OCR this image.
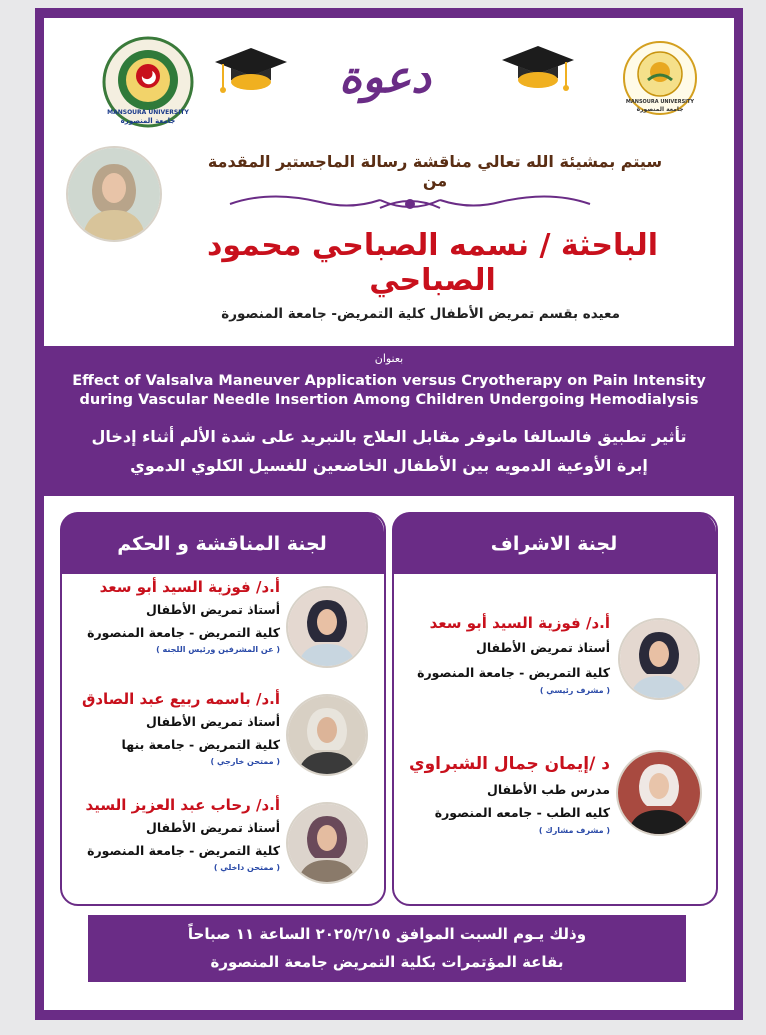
MANSOURA UNIVERSITY
جامعة المنصورة
MANSOURA UNIVERSITY
جامعة المنصورة
دعوة
سيتم بمشيئة الله تعالي مناقشة رسالة الماجستير المقدمة من
الباحثة / نسمه الصباحي محمود الصباحي
معيده بقسم تمريض الأطفال كلية التمريض- جامعة المنصورة
بعنوان
Effect of Valsalva Maneuver Application versus Cryotherapy on Pain Intensity
during Vascular Needle Insertion Among Children Undergoing Hemodialysis
تأثير تطبيق فالسالفا مانوفر مقابل العلاج بالتبريد على شدة الألم أثناء إدخال
إبرة الأوعية الدمويه بين الأطفال الخاضعين للغسيل الكلوي الدموي
لجنة المناقشة و الحكم	لجنة الاشراف
أ.د/ فوزية السيد أبو سعد
أستاذ تمريض الأطفال
كلية التمريض - جامعة المنصورة
( عن المشرفين ورئيس اللجنه )
أ.د/ باسمه ربيع عبد الصادق
أستاذ تمريض الأطفال
كلية التمريض - جامعة بنها
( ممتحن خارجي )
أ.د/ رحاب عبد العزيز السيد
أستاذ تمريض الأطفال
كلية التمريض - جامعة المنصورة
( ممتحن داخلي )
أ.د/ فوزية السيد أبو سعد
أستاذ تمريض الأطفال
كلية التمريض - جامعة المنصورة
( مشرف رئيسي )
د /إيمان جمال الشبراوي
مدرس طب الأطفال
كليه الطب - جامعه المنصورة
( مشرف مشارك )
وذلك يـوم السبت الموافق ٢٠٢٥/٢/١٥ الساعة ١١ صباحاً
بقاعة المؤتمرات بكلية التمريض جامعة المنصورة
